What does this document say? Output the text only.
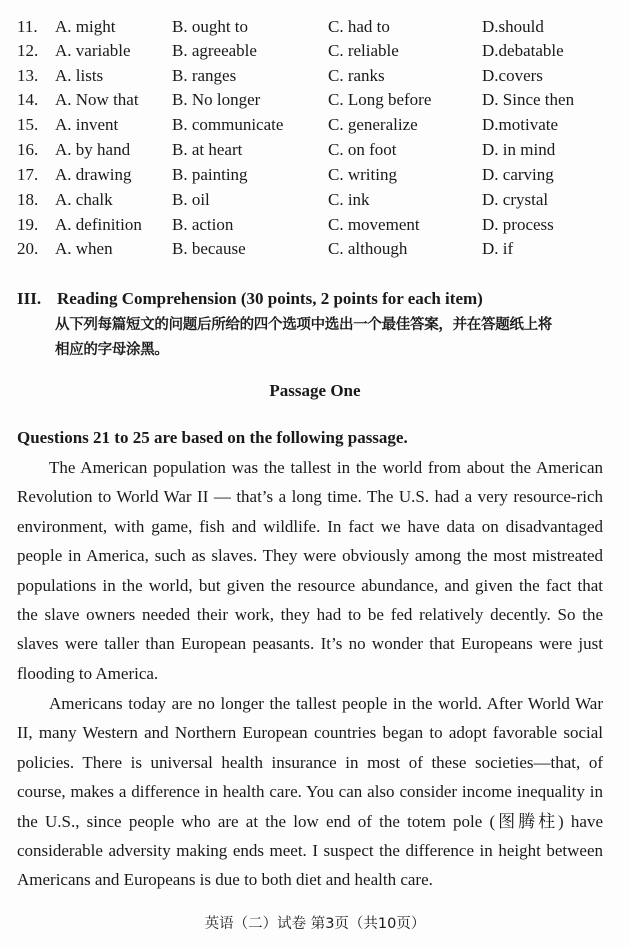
11. A. might	B. ought to	C. had to	D.should
12. A. variable B. agreeable	C. reliable	D.debatable
13. A. lists	B. ranges	C. ranks	D.covers
14. A. Now that B. No longer	C. Long before	D. Since then
15. A. invent	B. communicate	C. generalize	D.motivate
16. A. by hand B. at heart	C. on foot	D. in mind
17. A. drawing B. painting	C. writing	D. carving
18. A. chalk	B. oil	C. ink	D. crystal
19. A. definition B. action	C. movement	D. process
20. A. when	B. because	C. although	D. if
III. Reading Comprehension (30 points, 2 points for each item)
从下列每篇短文的问题后所给的四个选项中选出一个最佳答案，并在答题纸上将
相应的字母涂黑。
Passage One
Questions 21 to 25 are based on the following passage.

The American population was the tallest in the world from about the American Revolution to World War II — that’s a long time. The U.S. had a very resource-rich environment, with game, fish and wildlife. In fact we have data on disadvantaged people in America, such as slaves. They were obviously among the most mistreated populations in the world, but given the resource abundance, and given the fact that the slave owners needed their work, they had to be fed relatively decently. So the slaves were taller than European peasants. It’s no wonder that Europeans were just flooding to America.

Americans today are no longer the tallest people in the world. After World War II, many Western and Northern European countries began to adopt favorable social policies. There is universal health insurance in most of these societies—that, of course, makes a difference in health care. You can also consider income inequality in the U.S., since people who are at the low end of the totem pole (图腾柱) have considerable adversity making ends meet. I suspect the difference in height between Americans and Europeans is due to both diet and health care.

英语（二）试卷 第3页（共10页）
